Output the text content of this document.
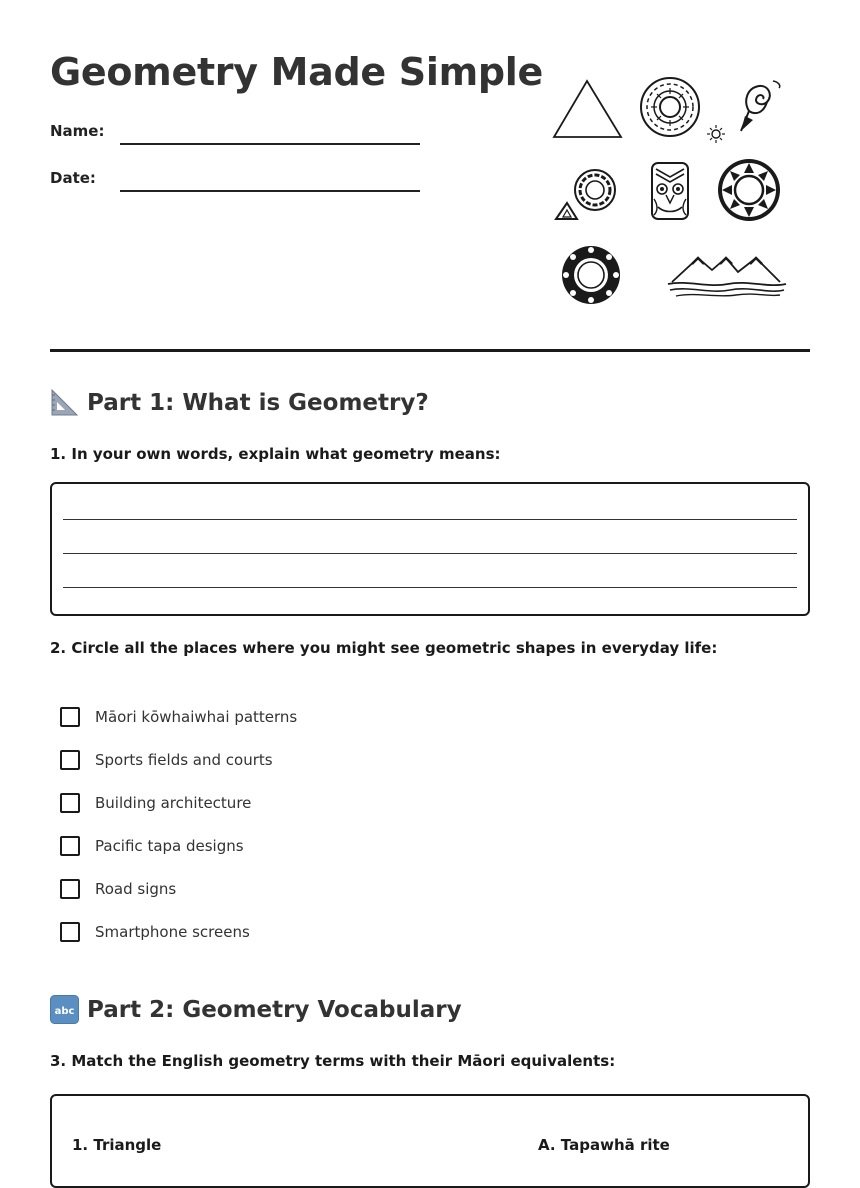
Geometry Made Simple
Name:
Date:
Part 1: What is Geometry?
1. In your own words, explain what geometry means:
2. Circle all the places where you might see geometric shapes in everyday life:
Māori kōwhaiwhai patterns
Sports fields and courts
Building architecture
Pacific tapa designs
Road signs
Smartphone screens
abc Part 2: Geometry Vocabulary
3. Match the English geometry terms with their Māori equivalents:
1. Triangle	A. Tapawhā rite
